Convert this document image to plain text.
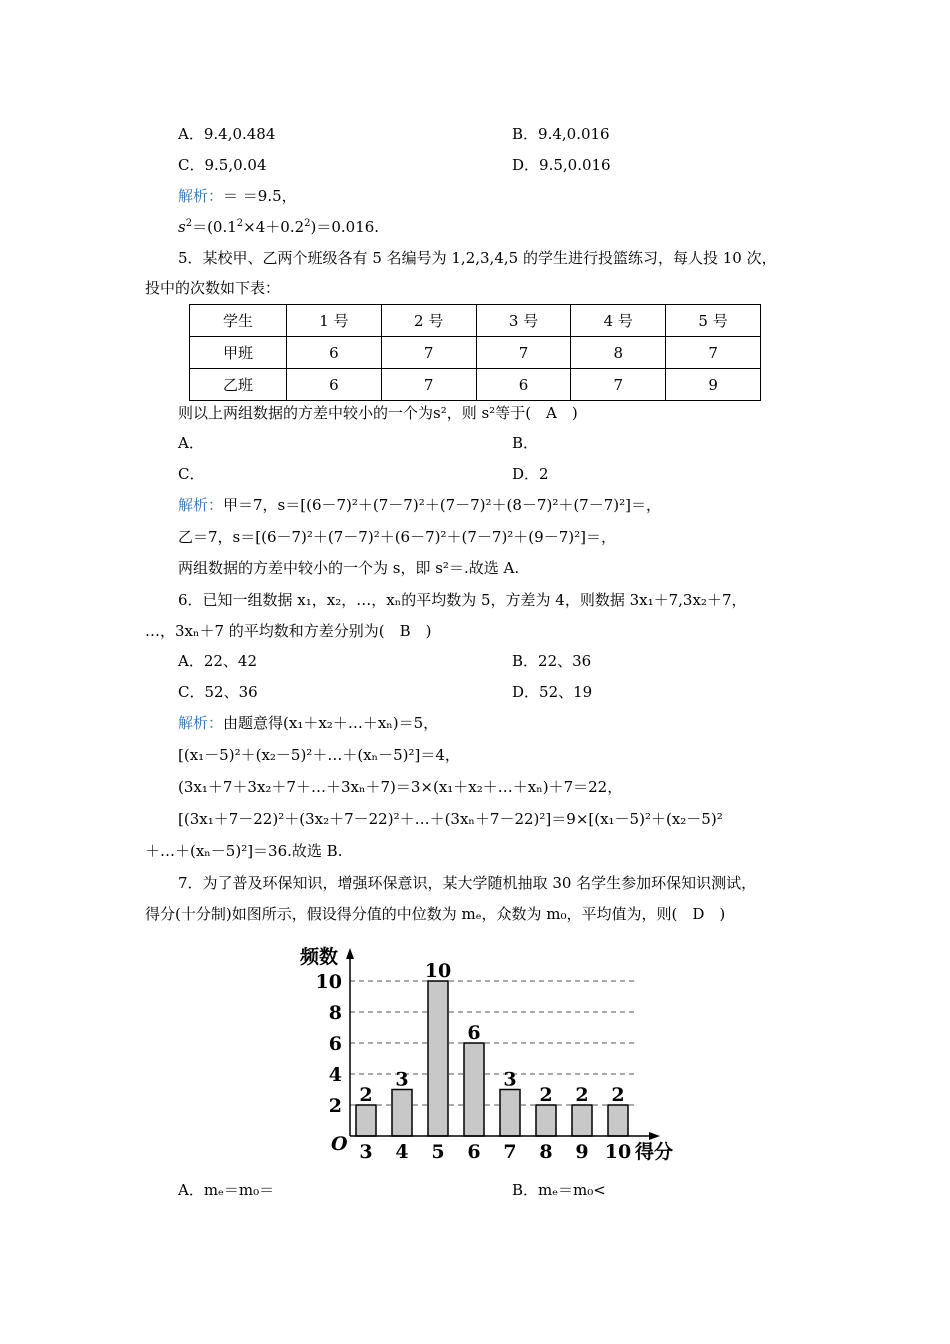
A．9.4,0.484	B．9.4,0.016
C．9.5,0.04	D．9.5,0.016
解析：＝ ＝9.5，
$s^2=(0.1^2\times 4+0.2^2)=0.016$.
5．某校甲、乙两个班级各有 5 名编号为 1,2,3,4,5 的学生进行投篮练习，每人投 10 次，
投中的次数如下表：
学生	1 号	2 号	3 号	4 号	5 号
甲班	6	7	7	8	7
乙班	6	7	6	7	9
则以上两组数据的方差中较小的一个为s²，则 s²等于(　A　)
A．	B．
C．	D．2
解析：甲＝7，s＝[(6－7)²＋(7－7)²＋(7－7)²＋(8－7)²＋(7－7)²]＝，
乙＝7，s＝[(6－7)²＋(7－7)²＋(6－7)²＋(7－7)²＋(9－7)²]＝，
两组数据的方差中较小的一个为 s，即 s²＝.故选 A.
6．已知一组数据 x₁，x₂，…，xₙ的平均数为 5，方差为 4，则数据 3x₁＋7,3x₂＋7，
…，3xₙ＋7 的平均数和方差分别为(　B　)
A．22、42	B．22、36
C．52、36	D．52、19
解析：由题意得(x₁＋x₂＋…＋xₙ)＝5，
[(x₁－5)²＋(x₂－5)²＋…＋(xₙ－5)²]＝4，
(3x₁＋7＋3x₂＋7＋…＋3xₙ＋7)＝3×(x₁＋x₂＋…＋xₙ)＋7＝22，
[(3x₁＋7－22)²＋(3x₂＋7－22)²＋…＋(3xₙ＋7－22)²]＝9×[(x₁－5)²＋(x₂－5)²
＋…＋(xₙ－5)²]＝36.故选 B.
7．为了普及环保知识，增强环保意识，某大学随机抽取 30 名学生参加环保知识测试，
得分(十分制)如图所示，假设得分值的中位数为 mₑ，众数为 m₀，平均值为，则(　D　)
2
4
6
8
10
2
3
3
4
10
5
6
6
3
7
2
8
2
9
2
10
频数
得分
O
A．mₑ＝m₀＝	B．mₑ＝m₀<
